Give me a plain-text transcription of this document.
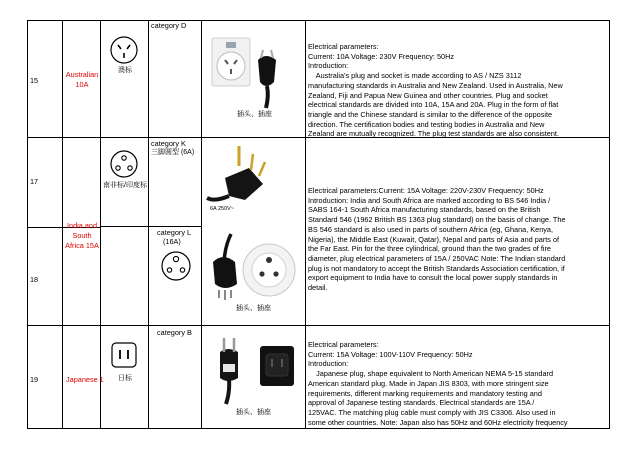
15
Australian 10A
category D
澳标
插头、插座
Electrical parameters:
Current: 10A Voltage: 230V Frequency: 50Hz
Introduction:
Australia's plug and socket is made according to AS / NZS 3112
manufacturing standards in Australia and New Zealand. Used in Australia, New
Zealand, Fiji and Papua New Guinea and other countries. Plug and socket
electrical standards are divided into 10A, 15A and 20A. Plug in the form of flat
triangle and the Chinese standard is similar to the difference of the opposite
direction. The certification bodies and testing bodies in Australia and New
Zealand are mutually recognized. The plug test standards are also consistent.
17
18
India and South Africa 15A
category K
三脚圆型 (6A)
南非标/印度标
category L
(16A)
6A 250V~
插头、插座
Electrical parameters:Current: 15A Voltage: 220V-230V Frequency: 50Hz
Introduction: India and South Africa are marked according to BS 546 India /
SABS 164-1 South Africa manufacturing standards, based on the British
Standard 546 (1962 British BS 1363 plug standard) on the basis of change. The
BS 546 standard is also used in parts of southern Africa (eg, Ghana, Kenya,
Nigeria), the Middle East (Kuwait, Qatar), Nepal and parts of Asia and parts of
the Far East. Pin for the three cylindrical, ground than the two grades of fire
diameter, plug electrical parameters of 15A / 250VAC Note: The Indian standard
plug is not mandatory to accept the British Standards Association certification, if
export equipment to India have to consult the local power supply standards in
detail.
19	Japanese 1
category B
日标
插头、插座
Electrical parameters:
Current: 15A Voltage: 100V-110V Frequency: 50Hz
Introduction:
Japanese plug, shape equivalent to North American NEMA 5-15 standard
American standard plug. Made in Japan JIS 8303, with more stringent size
requirements, different marking requirements and mandatory testing and
approval of Japanese testing standards. Electrical standards are 15A /
125VAC. The matching plug cable must comply with JIS C3306. Also used in
some other countries. Note: Japan also has 50Hz and 60Hz electricity frequency
